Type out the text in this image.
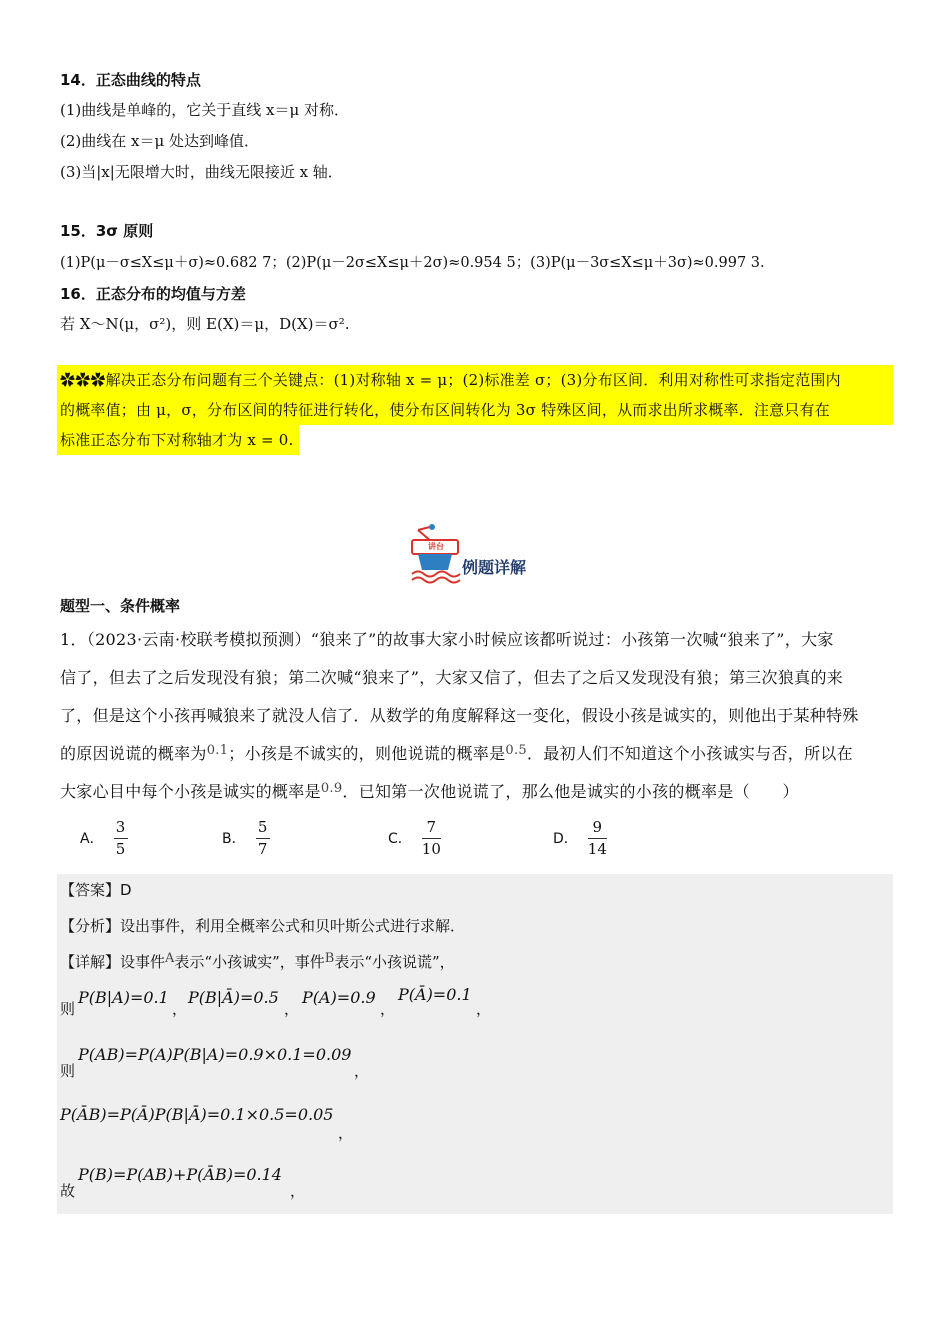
14．正态曲线的特点
(1)曲线是单峰的，它关于直线 x＝μ 对称．
(2)曲线在 x＝μ 处达到峰值．
(3)当|x|无限增大时，曲线无限接近 x 轴．
15．3σ 原则
(1)P(μ－σ≤X≤μ＋σ)≈0.682 7；(2)P(μ－2σ≤X≤μ＋2σ)≈0.954 5；(3)P(μ－3σ≤X≤μ＋3σ)≈0.997 3.
16．正态分布的均值与方差
若 X～N(μ，σ²)，则 E(X)＝μ，D(X)＝σ².
✿✿✿解决正态分布问题有三个关键点：(1)对称轴 x = μ；(2)标准差 σ；(3)分布区间．利用对称性可求指定范围内
的概率值；由 μ，σ，分布区间的特征进行转化，使分布区间转化为 3σ 特殊区间，从而求出所求概率．注意只有在
标准正态分布下对称轴才为 x = 0.
讲台
例题详解
题型一、条件概率
1．（2023·云南·校联考模拟预测）“狼来了”的故事大家小时候应该都听说过：小孩第一次喊“狼来了”，大家
信了，但去了之后发现没有狼；第二次喊“狼来了”，大家又信了，但去了之后又发现没有狼；第三次狼真的来
了，但是这个小孩再喊狼来了就没人信了．从数学的角度解释这一变化，假设小孩是诚实的，则他出于某种特殊
的原因说谎的概率为$^{0.1}$；小孩是不诚实的，则他说谎的概率是$^{0.5}$．最初人们不知道这个小孩诚实与否，所以在
大家心目中每个小孩是诚实的概率是$^{0.9}$．已知第一次他说谎了，那么他是诚实的小孩的概率是（　　）
A． $\frac{3}{5}$	B． $\frac{5}{7}$	C． $\frac{7}{10}$	D． $\frac{9}{14}$
【答案】D
【分析】设出事件，利用全概率公式和贝叶斯公式进行求解．
【详解】设事件A表示“小孩诚实”，事件B表示“小孩说谎”，
则
P(B|A)=0.1
，
P(B|Ā)=0.5
，
P(A)=0.9
，
P(Ā)=0.1
，
则
P(AB)=P(A)P(B|A)=0.9×0.1=0.09
，
P(ĀB)=P(Ā)P(B|Ā)=0.1×0.5=0.05
，
故
P(B)=P(AB)+P(ĀB)=0.14
，
